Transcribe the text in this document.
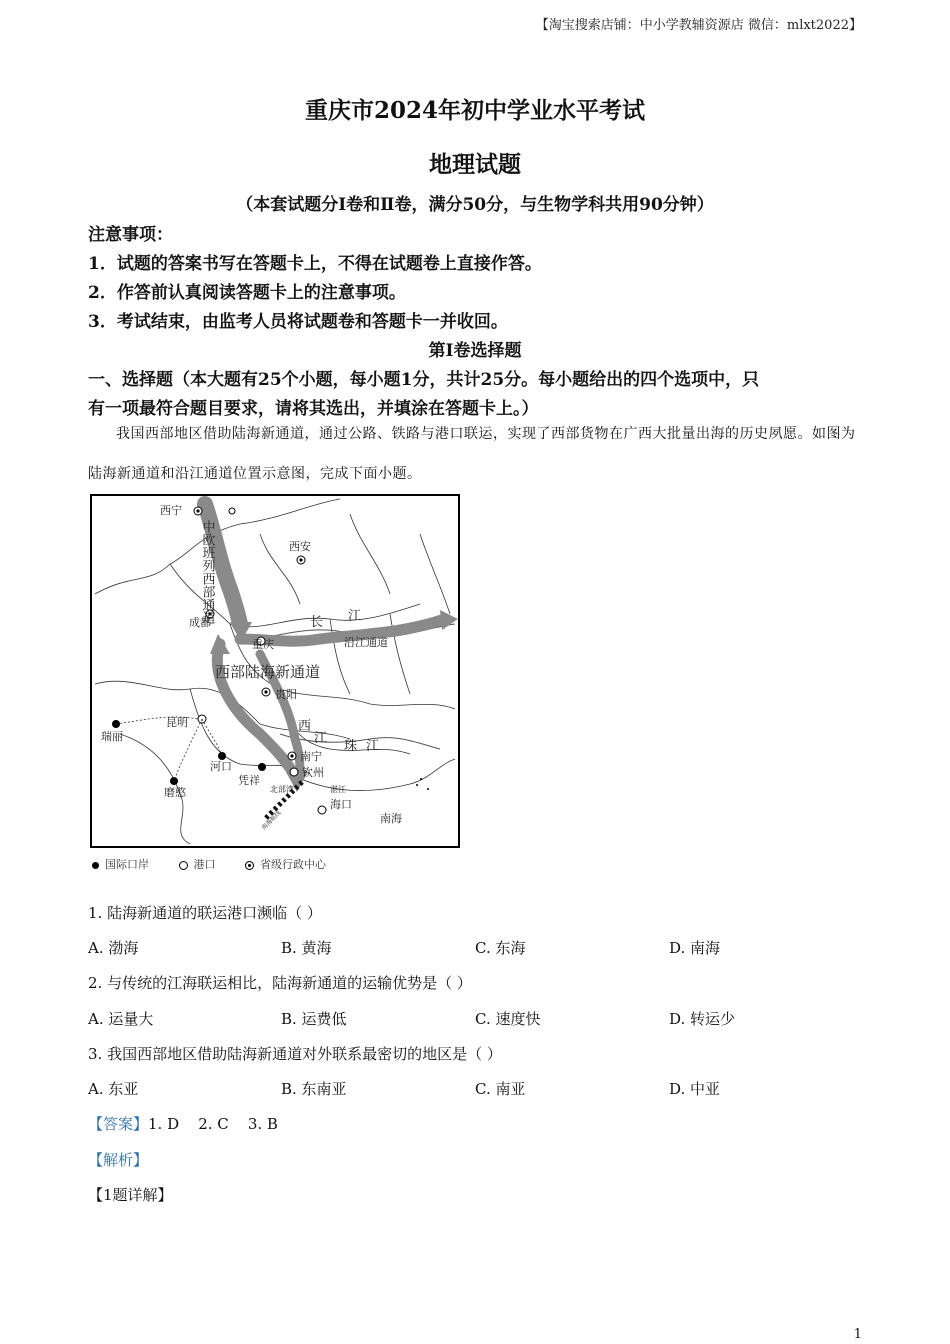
【淘宝搜索店铺：中小学教辅资源店 微信：mlxt2022】
重庆市2024年初中学业水平考试
地理试题
（本套试题分Ⅰ卷和Ⅱ卷，满分50分，与生物学科共用90分钟）
注意事项：
1．试题的答案书写在答题卡上，不得在试题卷上直接作答。
2．作答前认真阅读答题卡上的注意事项。
3．考试结束，由监考人员将试题卷和答题卡一并收回。
第Ⅰ卷选择题
一、选择题（本大题有25个小题，每小题1分，共计25分。每小题给出的四个选项中，只
有一项最符合题目要求，请将其选出，并填涂在答题卡上。）
我国西部地区借助陆海新通道，通过公路、铁路与港口联运，实现了西部货物在广西大批量出海的历史夙愿。如图为陆海新通道和沿江通道位置示意图，完成下面小题。
西宁
西安
成都
重庆
贵阳
昆明
瑞丽
河口
磨憨
凭祥
南宁
钦州
北部湾	湛江
海口
南海
长 江
沿江通道
西
江
珠 江
西部陆海新通道
南海航线
中欧班列西部通道
国际口岸	港口	省级行政中心
1. 陆海新通道的联运港口濒临（ ）
A. 渤海	B. 黄海	C. 东海	D. 南海
2. 与传统的江海联运相比，陆海新通道的运输优势是（ ）
A. 运量大	B. 运费低	C. 速度快	D. 转运少
3. 我国西部地区借助陆海新通道对外联系最密切的地区是（ ）
A. 东亚	B. 东南亚	C. 南亚	D. 中亚
【答案】1. D    2. C    3. B
【解析】
【1题详解】
1
